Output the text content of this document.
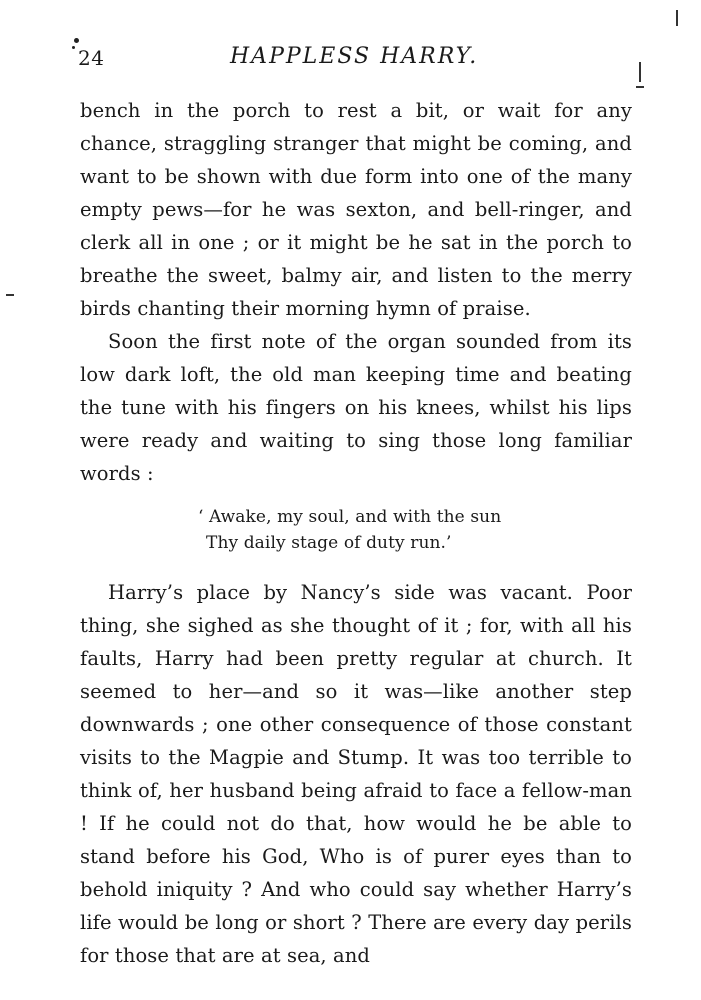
24	HAPPLESS HARRY.

bench in the porch to rest a bit, or wait for any chance, straggling stranger that might be coming, and want to be shown with due form into one of the many empty pews—for he was sexton, and bell-ringer, and clerk all in one ; or it might be he sat in the porch to breathe the sweet, balmy air, and listen to the merry birds chanting their morning hymn of praise.

Soon the first note of the organ sounded from its low dark loft, the old man keeping time and beating the tune with his fingers on his knees, whilst his lips were ready and waiting to sing those long familiar words :

‘ Awake, my soul, and with the sun
Thy daily stage of duty run.’

Harry’s place by Nancy’s side was vacant. Poor thing, she sighed as she thought of it ; for, with all his faults, Harry had been pretty regular at church. It seemed to her—and so it was—like another step downwards ; one other consequence of those constant visits to the Magpie and Stump. It was too terrible to think of, her husband being afraid to face a fellow-man ! If he could not do that, how would he be able to stand before his God, Who is of purer eyes than to behold iniquity ? And who could say whether Harry’s life would be long or short ? There are every day perils for those that are at sea, and
